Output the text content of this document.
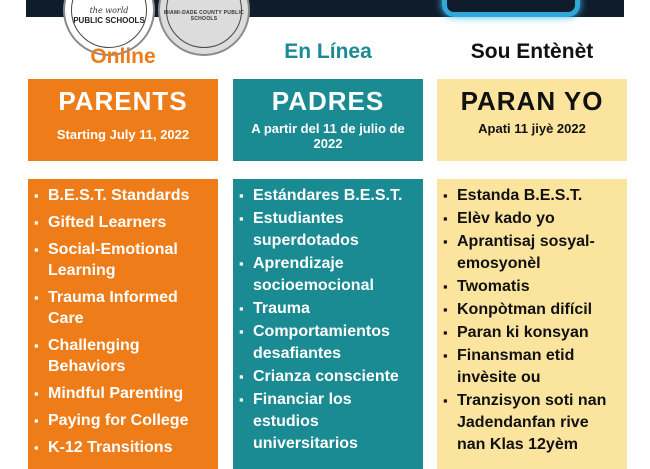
the world
PUBLIC SCHOOLS
MIAMI-DADE COUNTY PUBLIC SCHOOLS
Online	En Línea	Sou Entènèt
PARENTS
Starting July 11, 2022
PADRES
A partir del 11 de julio de 2022
PARAN YO
Apati 11 jiyè 2022
▪ B.E.S.T. Standards
▪ Gifted Learners
▪ Social-Emotional Learning
▪ Trauma Informed Care
▪ Challenging Behaviors
▪ Mindful Parenting
▪ Paying for College
▪ K-12 Transitions
▪ Estándares B.E.S.T.
▪ Estudiantes superdotados
▪ Aprendizaje socioemocional
▪ Trauma
▪ Comportamientos desafiantes
▪ Crianza consciente
▪ Financiar los estudios universitarios
▪ Estanda B.E.S.T.
▪ Elèv kado yo
▪ Aprantisaj sosyal-emosyonèl
▪ Twomatis
▪ Konpòtman difícil
▪ Paran ki konsyan
▪ Finansman etid invèsite ou
▪ Tranzisyon soti nan Jadendanfan rive nan Klas 12yèm
